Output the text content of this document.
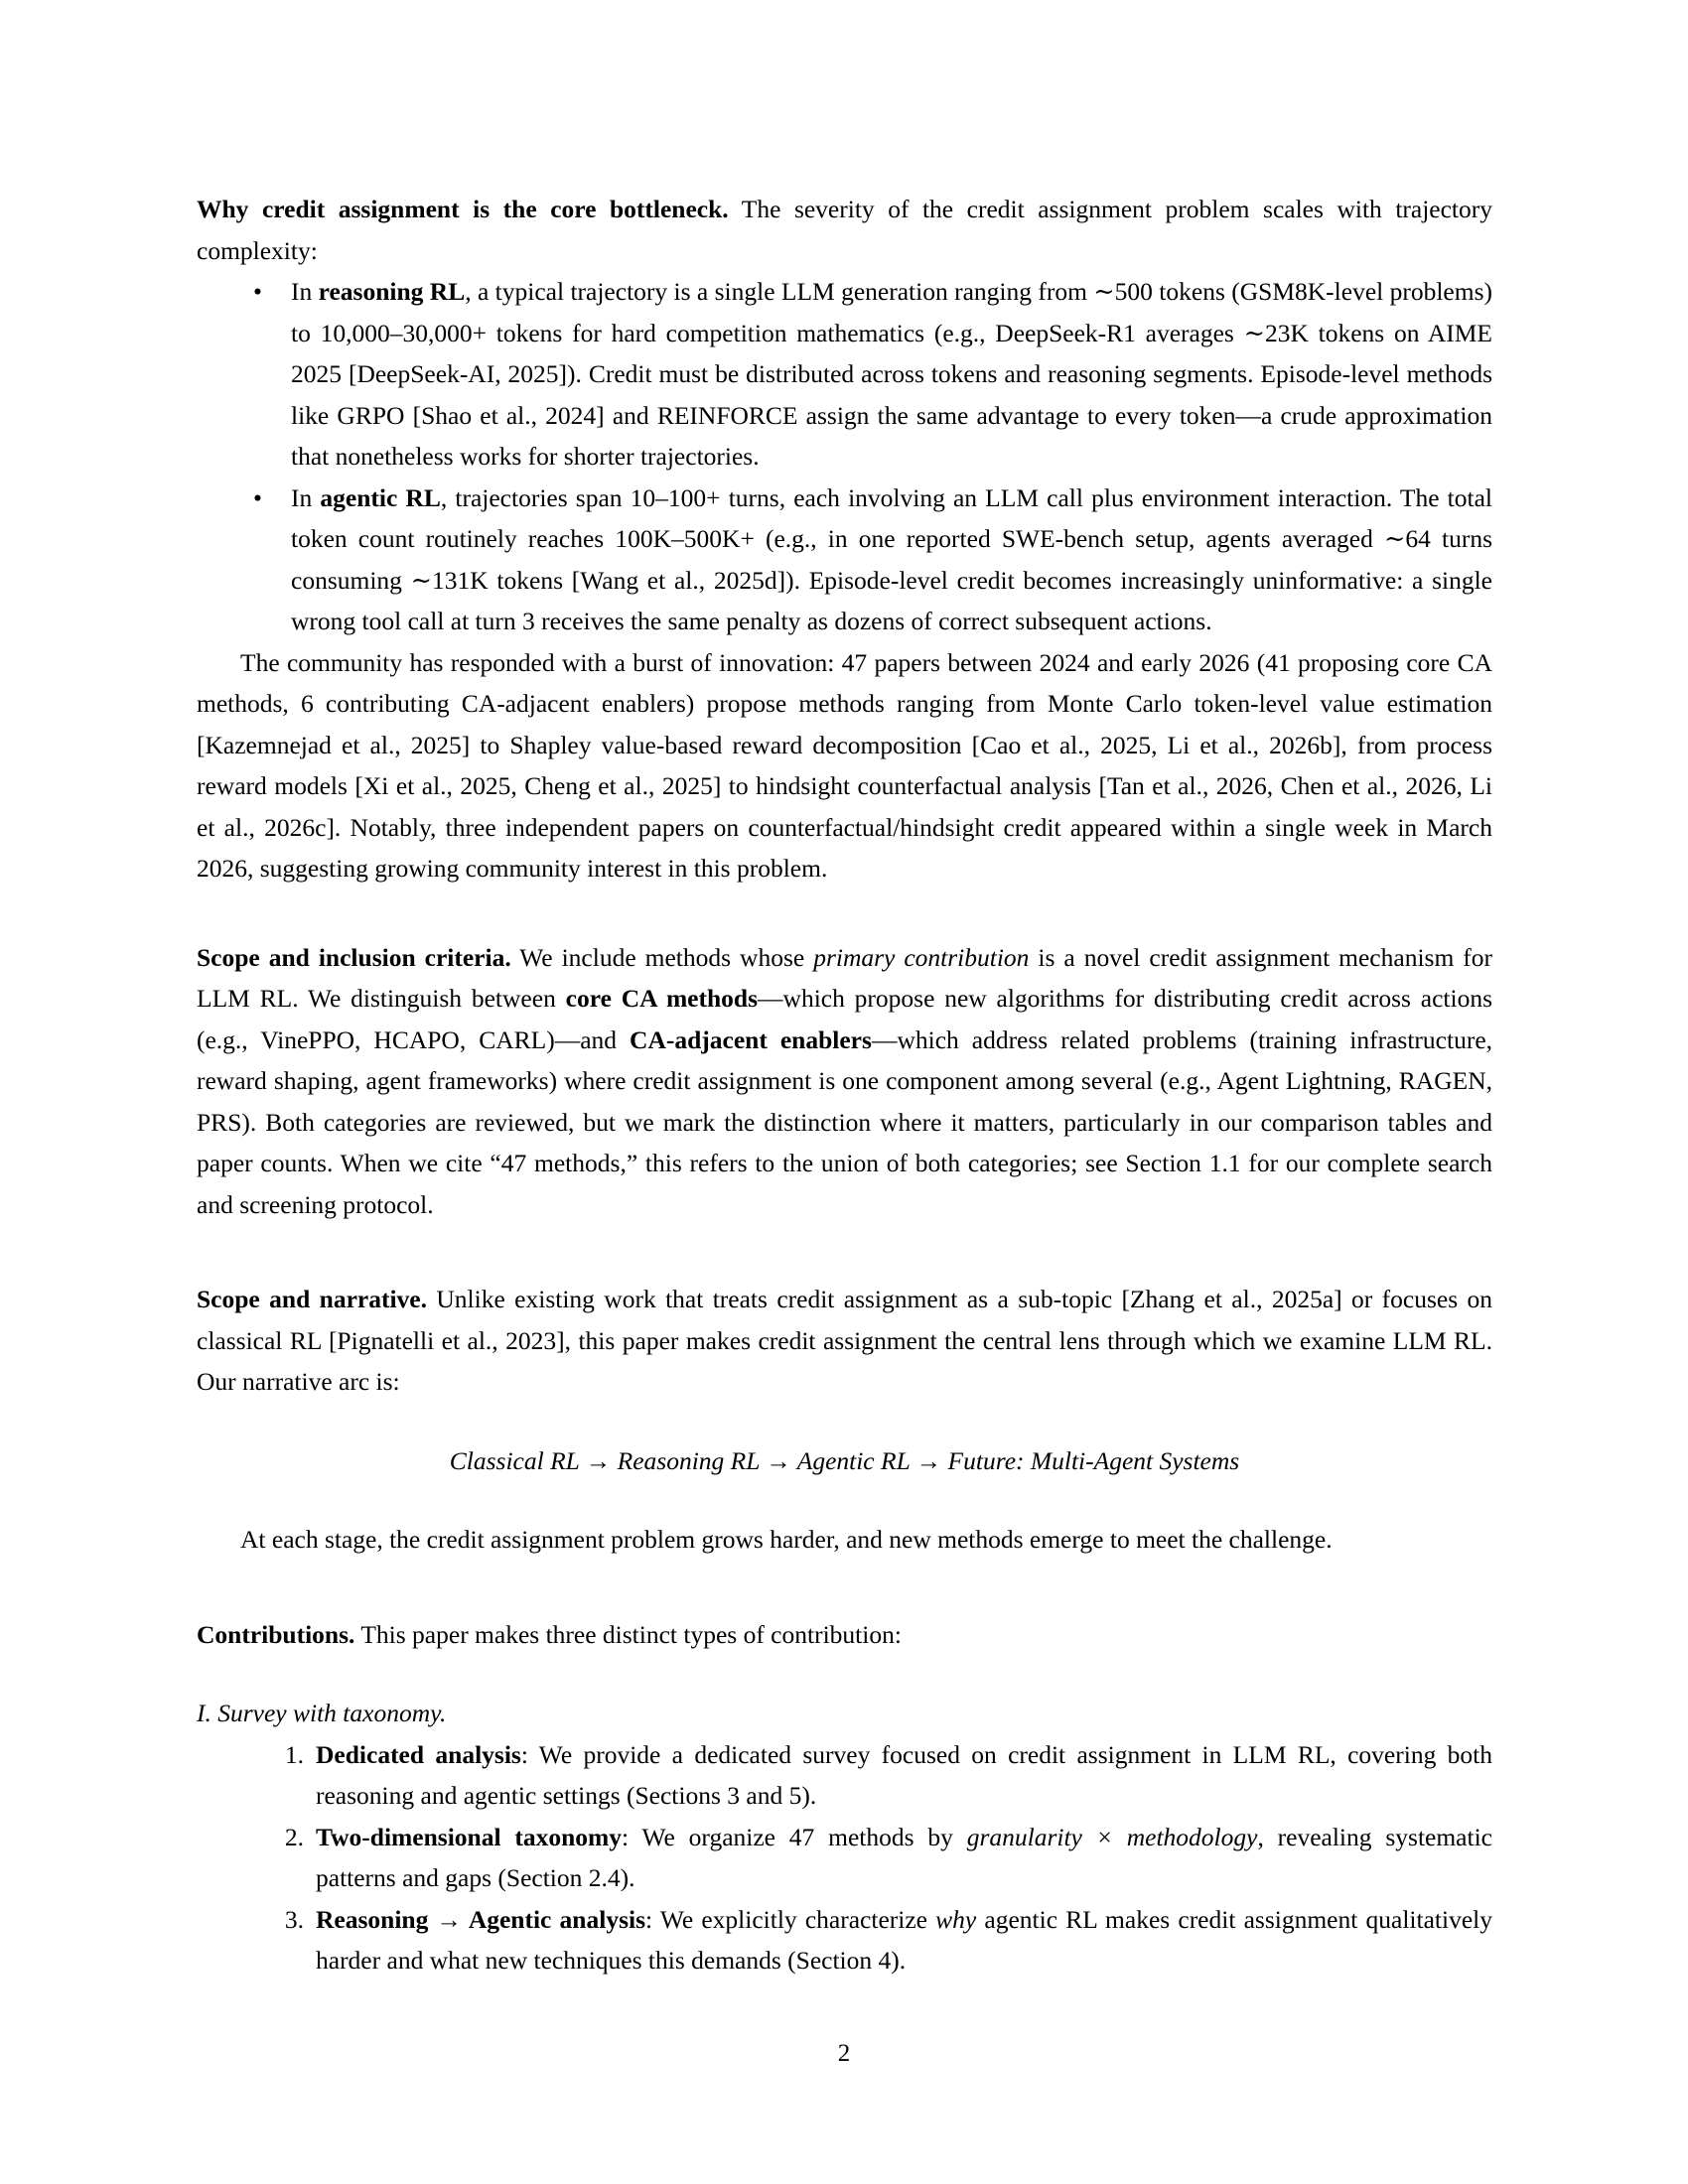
Why credit assignment is the core bottleneck. The severity of the credit assignment problem scales with trajectory complexity:
• In reasoning RL, a typical trajectory is a single LLM generation ranging from ∼500 tokens (GSM8K-level problems) to 10,000–30,000+ tokens for hard competition mathematics (e.g., DeepSeek-R1 averages ∼23K tokens on AIME 2025 [DeepSeek-AI, 2025]). Credit must be distributed across tokens and reasoning segments. Episode-level methods like GRPO [Shao et al., 2024] and REINFORCE assign the same advantage to every token—a crude approximation that nonetheless works for shorter trajectories.
• In agentic RL, trajectories span 10–100+ turns, each involving an LLM call plus environment interaction. The total token count routinely reaches 100K–500K+ (e.g., in one reported SWE-bench setup, agents averaged ∼64 turns consuming ∼131K tokens [Wang et al., 2025d]). Episode-level credit becomes increasingly uninformative: a single wrong tool call at turn 3 receives the same penalty as dozens of correct subsequent actions.
The community has responded with a burst of innovation: 47 papers between 2024 and early 2026 (41 proposing core CA methods, 6 contributing CA-adjacent enablers) propose methods ranging from Monte Carlo token-level value estimation [Kazemnejad et al., 2025] to Shapley value-based reward decomposition [Cao et al., 2025, Li et al., 2026b], from process reward models [Xi et al., 2025, Cheng et al., 2025] to hindsight counterfactual analysis [Tan et al., 2026, Chen et al., 2026, Li et al., 2026c]. Notably, three independent papers on counterfactual/hindsight credit appeared within a single week in March 2026, suggesting growing community interest in this problem.
Scope and inclusion criteria. We include methods whose primary contribution is a novel credit assignment mechanism for LLM RL. We distinguish between core CA methods—which propose new algorithms for distributing credit across actions (e.g., VinePPO, HCAPO, CARL)—and CA-adjacent enablers—which address related problems (training infrastructure, reward shaping, agent frameworks) where credit assignment is one component among several (e.g., Agent Lightning, RAGEN, PRS). Both categories are reviewed, but we mark the distinction where it matters, particularly in our comparison tables and paper counts. When we cite “47 methods,” this refers to the union of both categories; see Section 1.1 for our complete search and screening protocol.
Scope and narrative. Unlike existing work that treats credit assignment as a sub-topic [Zhang et al., 2025a] or focuses on classical RL [Pignatelli et al., 2023], this paper makes credit assignment the central lens through which we examine LLM RL. Our narrative arc is:
Classical RL → Reasoning RL → Agentic RL → Future: Multi-Agent Systems
At each stage, the credit assignment problem grows harder, and new methods emerge to meet the challenge.
Contributions. This paper makes three distinct types of contribution:
I. Survey with taxonomy.
1. Dedicated analysis: We provide a dedicated survey focused on credit assignment in LLM RL, covering both reasoning and agentic settings (Sections 3 and 5).
2. Two-dimensional taxonomy: We organize 47 methods by granularity × methodology, revealing systematic patterns and gaps (Section 2.4).
3. Reasoning → Agentic analysis: We explicitly characterize why agentic RL makes credit assignment qualitatively harder and what new techniques this demands (Section 4).
2
